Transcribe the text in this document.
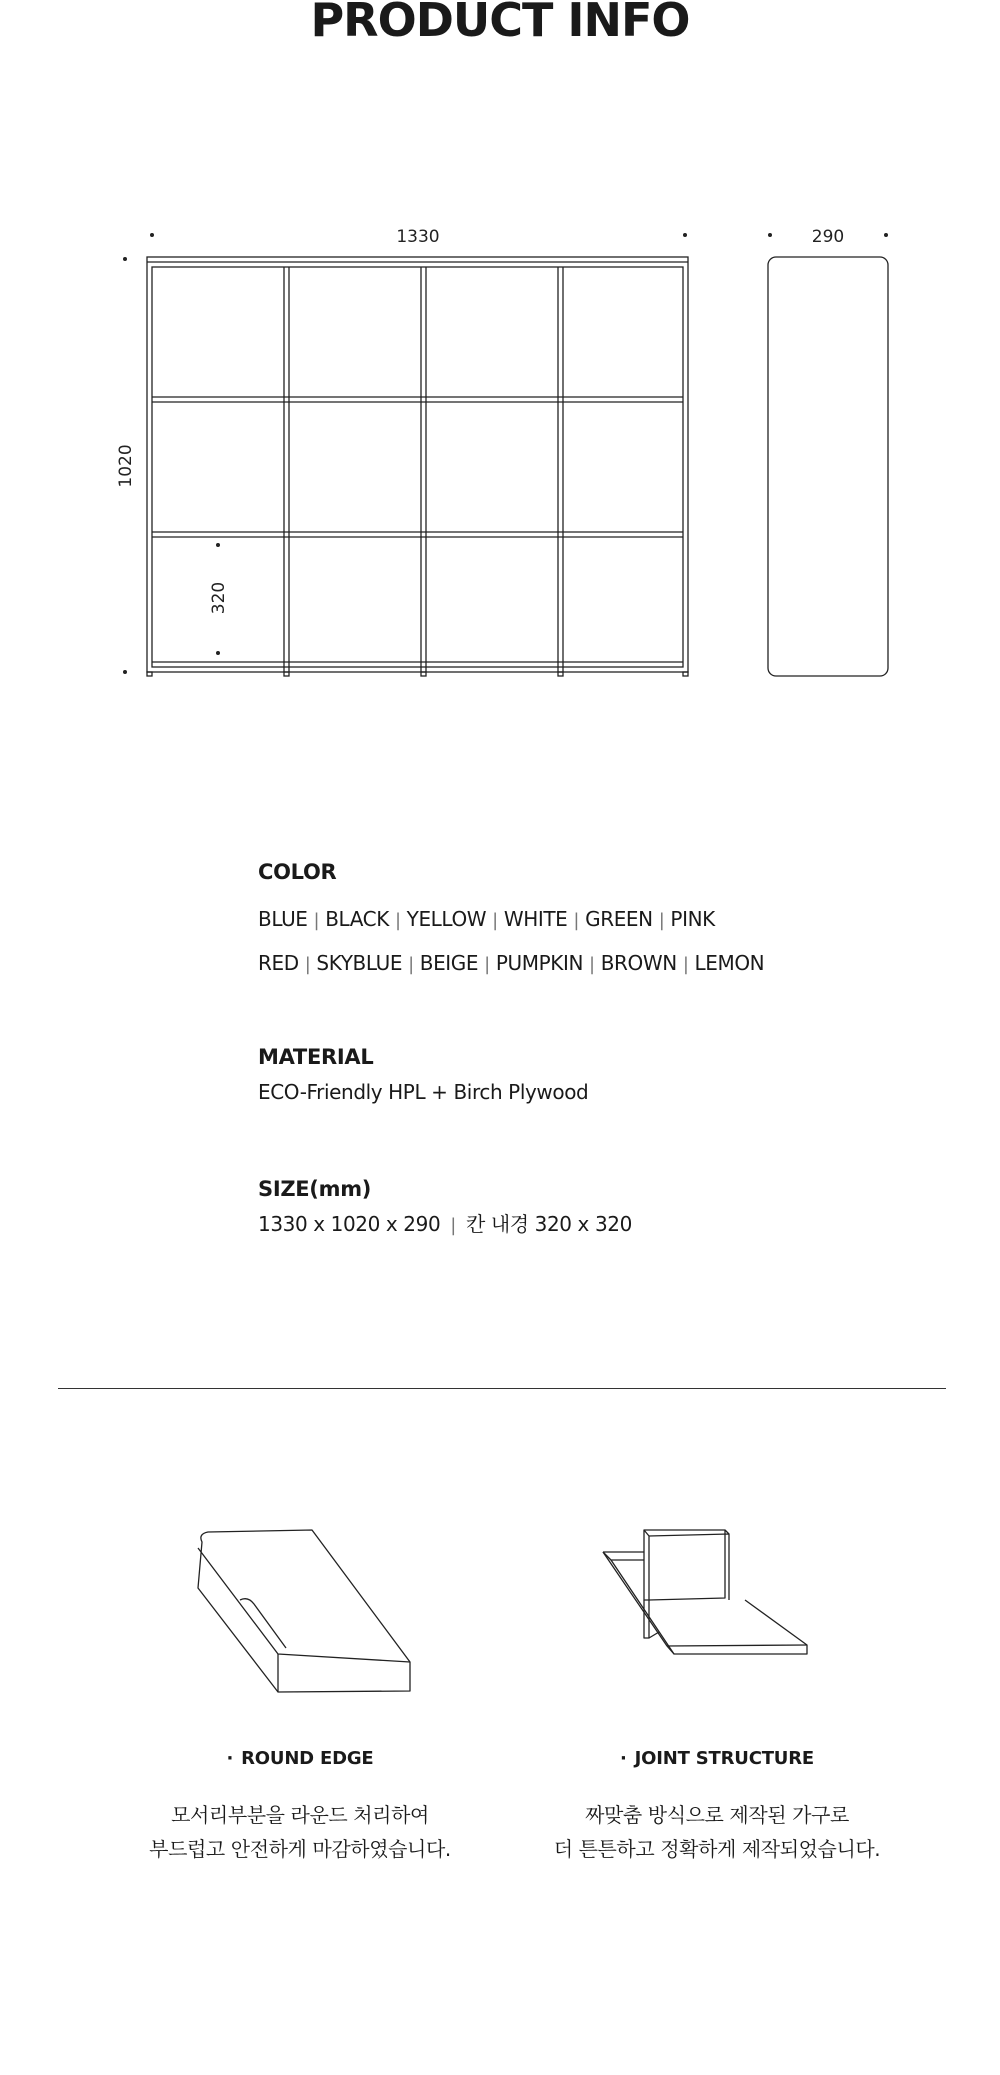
PRODUCT INFO
1330	290
1020
320
COLOR

BLUE | BLACK | YELLOW | WHITE | GREEN | PINK

RED | SKYBLUE | BEIGE | PUMPKIN | BROWN | LEMON

MATERIAL

ECO-Friendly HPL + Birch Plywood

SIZE(mm)

1330 x 1020 x 290 | 칸 내경 320 x 320

· ROUND EDGE

모서리부분을 라운드 처리하여

부드럽고 안전하게 마감하였습니다.

· JOINT STRUCTURE

짜맞춤 방식으로 제작된 가구로

더 튼튼하고 정확하게 제작되었습니다.
